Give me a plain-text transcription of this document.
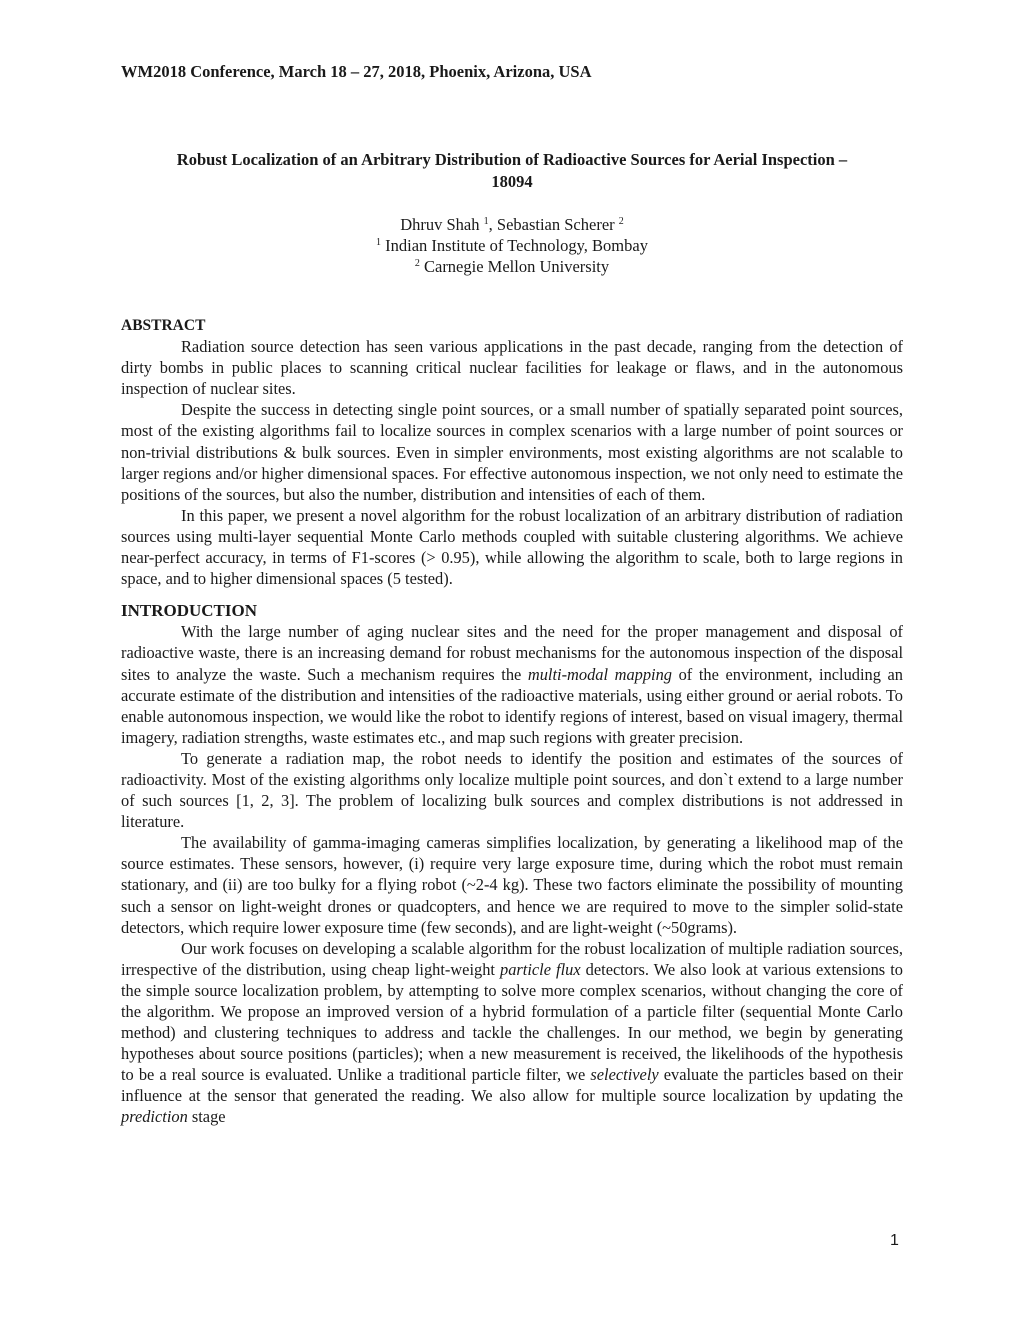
WM2018 Conference, March 18 – 27, 2018, Phoenix, Arizona, USA
Robust Localization of an Arbitrary Distribution of Radioactive Sources for Aerial Inspection –
18094
Dhruv Shah $^1$, Sebastian Scherer $^2$
$^1$ Indian Institute of Technology, Bombay
$^2$ Carnegie Mellon University

ABSTRACT

Radiation source detection has seen various applications in the past decade, ranging from the detection of dirty bombs in public places to scanning critical nuclear facilities for leakage or flaws, and in the autonomous inspection of nuclear sites.

Despite the success in detecting single point sources, or a small number of spatially separated point sources, most of the existing algorithms fail to localize sources in complex scenarios with a large number of point sources or non-trivial distributions & bulk sources. Even in simpler environments, most existing algorithms are not scalable to larger regions and/or higher dimensional spaces. For effective autonomous inspection, we not only need to estimate the positions of the sources, but also the number, distribution and intensities of each of them.

In this paper, we present a novel algorithm for the robust localization of an arbitrary distribution of radiation sources using multi-layer sequential Monte Carlo methods coupled with suitable clustering algorithms. We achieve near-perfect accuracy, in terms of F1-scores (> 0.95), while allowing the algorithm to scale, both to large regions in space, and to higher dimensional spaces (5 tested).

INTRODUCTION

With the large number of aging nuclear sites and the need for the proper management and disposal of radioactive waste, there is an increasing demand for robust mechanisms for the autonomous inspection of the disposal sites to analyze the waste. Such a mechanism requires the multi-modal mapping of the environment, including an accurate estimate of the distribution and intensities of the radioactive materials, using either ground or aerial robots. To enable autonomous inspection, we would like the robot to identify regions of interest, based on visual imagery, thermal imagery, radiation strengths, waste estimates etc., and map such regions with greater precision.

To generate a radiation map, the robot needs to identify the position and estimates of the sources of radioactivity. Most of the existing algorithms only localize multiple point sources, and don`t extend to a large number of such sources [1, 2, 3]. The problem of localizing bulk sources and complex distributions is not addressed in literature.

The availability of gamma-imaging cameras simplifies localization, by generating a likelihood map of the source estimates. These sensors, however, (i) require very large exposure time, during which the robot must remain stationary, and (ii) are too bulky for a flying robot (~2-4 kg). These two factors eliminate the possibility of mounting such a sensor on light-weight drones or quadcopters, and hence we are required to move to the simpler solid-state detectors, which require lower exposure time (few seconds), and are light-weight (~50grams).

Our work focuses on developing a scalable algorithm for the robust localization of multiple radiation sources, irrespective of the distribution, using cheap light-weight particle flux detectors. We also look at various extensions to the simple source localization problem, by attempting to solve more complex scenarios, without changing the core of the algorithm. We propose an improved version of a hybrid formulation of a particle filter (sequential Monte Carlo method) and clustering techniques to address and tackle the challenges. In our method, we begin by generating hypotheses about source positions (particles); when a new measurement is received, the likelihoods of the hypothesis to be a real source is evaluated. Unlike a traditional particle filter, we selectively evaluate the particles based on their influence at the sensor that generated the reading. We also allow for multiple source localization by updating the prediction stage

1
